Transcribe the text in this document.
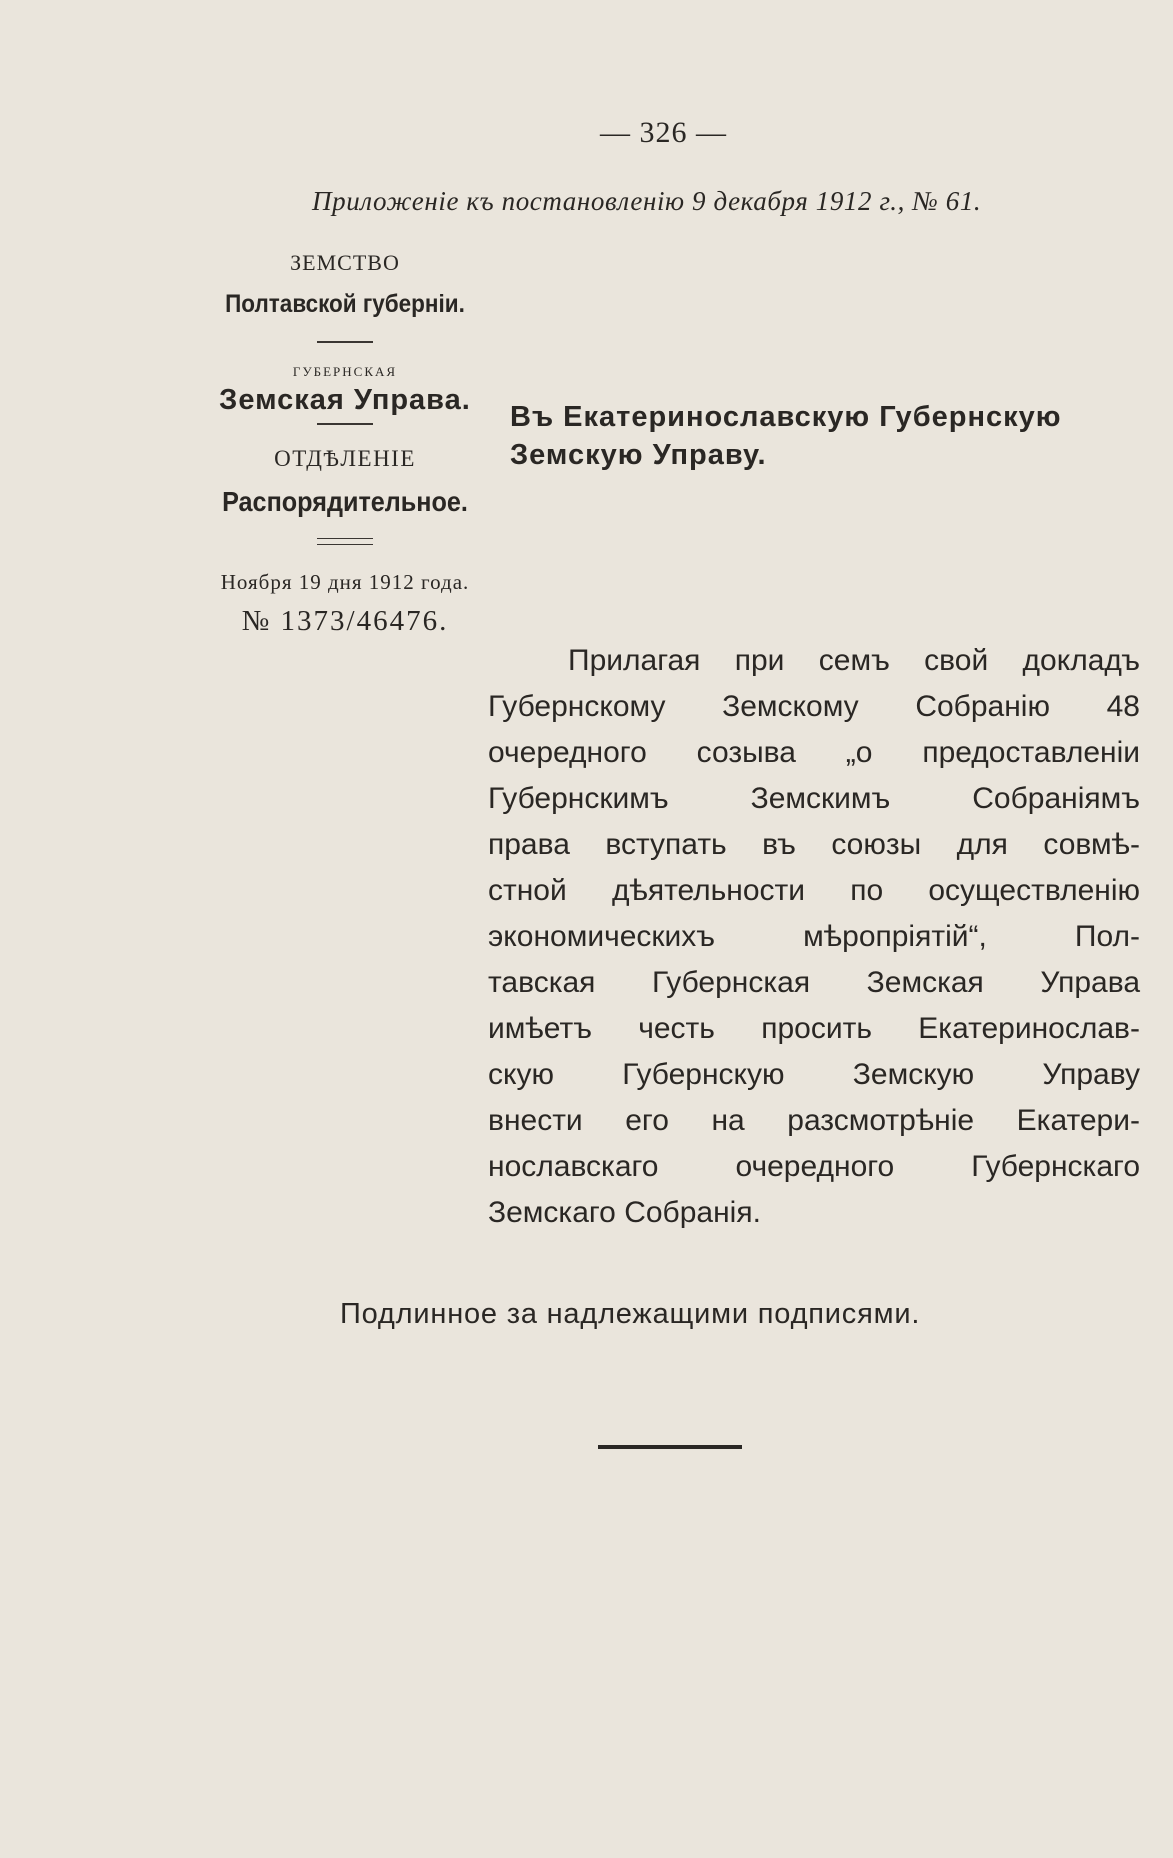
— 326 —
Приложеніе къ постановленію 9 декабря 1912 г., № 61.
ЗЕМСТВО
Полтавской губерніи.
ГУБЕРНСКАЯ
Земская Управа.
ОТДѢЛЕНІЕ
Распорядительное.
Ноября 19 дня 1912 года.
№ 1373/46476.
Въ Екатеринославскую Губернскую
Земскую Управу.
Прилагая при семъ свой докладъ
Губернскому Земскому Собранію 48
очередного созыва „о предоставленіи
Губернскимъ Земскимъ Собраніямъ
права вступать въ союзы для совмѣ-
стной дѣятельности по осуществленію
экономическихъ мѣропріятій“, Пол-
тавская Губернская Земская Управа
имѣетъ честь просить Екатеринослав-
скую Губернскую Земскую Управу
внести его на разсмотрѣніе Екатери-
нославскаго очередного Губернскаго
Земскаго Собранія.
Подлинное за надлежащими подписями.
